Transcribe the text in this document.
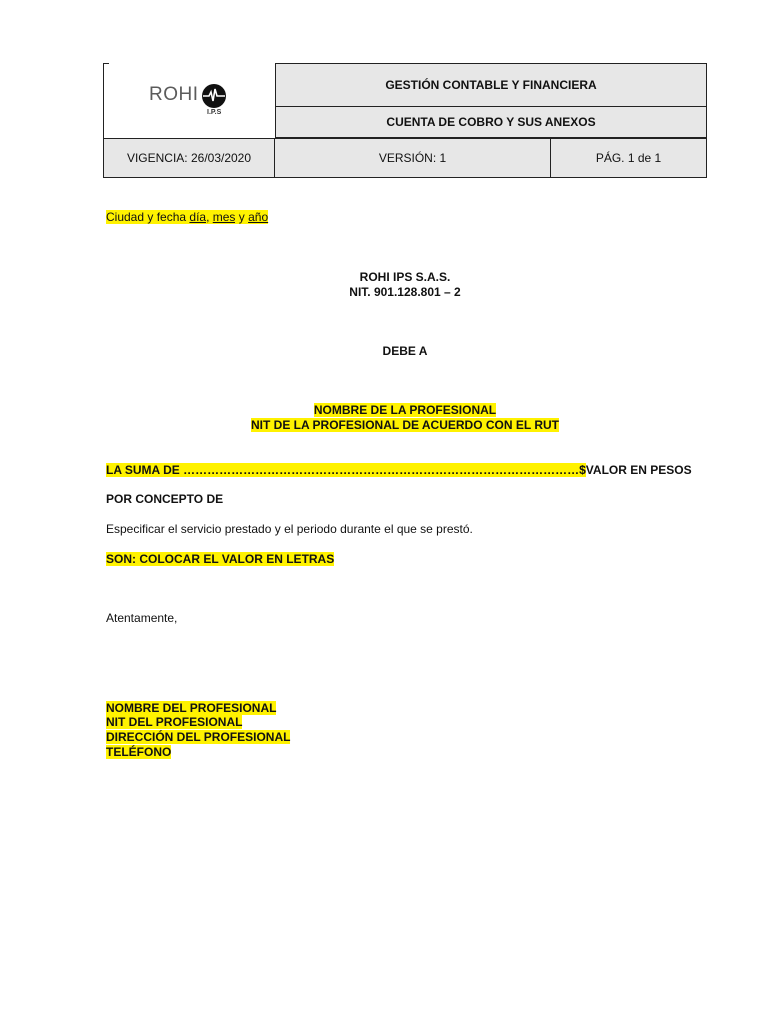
ROHI
I.P.S
GESTIÓN CONTABLE Y FINANCIERA
CUENTA DE COBRO Y SUS ANEXOS
VIGENCIA: 26/03/2020	VERSIÓN: 1	PÁG. 1 de 1
Ciudad y fecha día, mes y año
ROHI IPS S.A.S.
NIT. 901.128.801 – 2
DEBE A
NOMBRE DE LA PROFESIONAL
NIT DE LA PROFESIONAL DE ACUERDO CON EL RUT
LA SUMA DE ………………………………………………………………………………………$VALOR EN PESOS
POR CONCEPTO DE
Especificar el servicio prestado y el periodo durante el que se prestó.
SON: COLOCAR EL VALOR EN LETRAS
Atentamente,
NOMBRE DEL PROFESIONAL
NIT DEL PROFESIONAL
DIRECCIÓN DEL PROFESIONAL
TELÉFONO
